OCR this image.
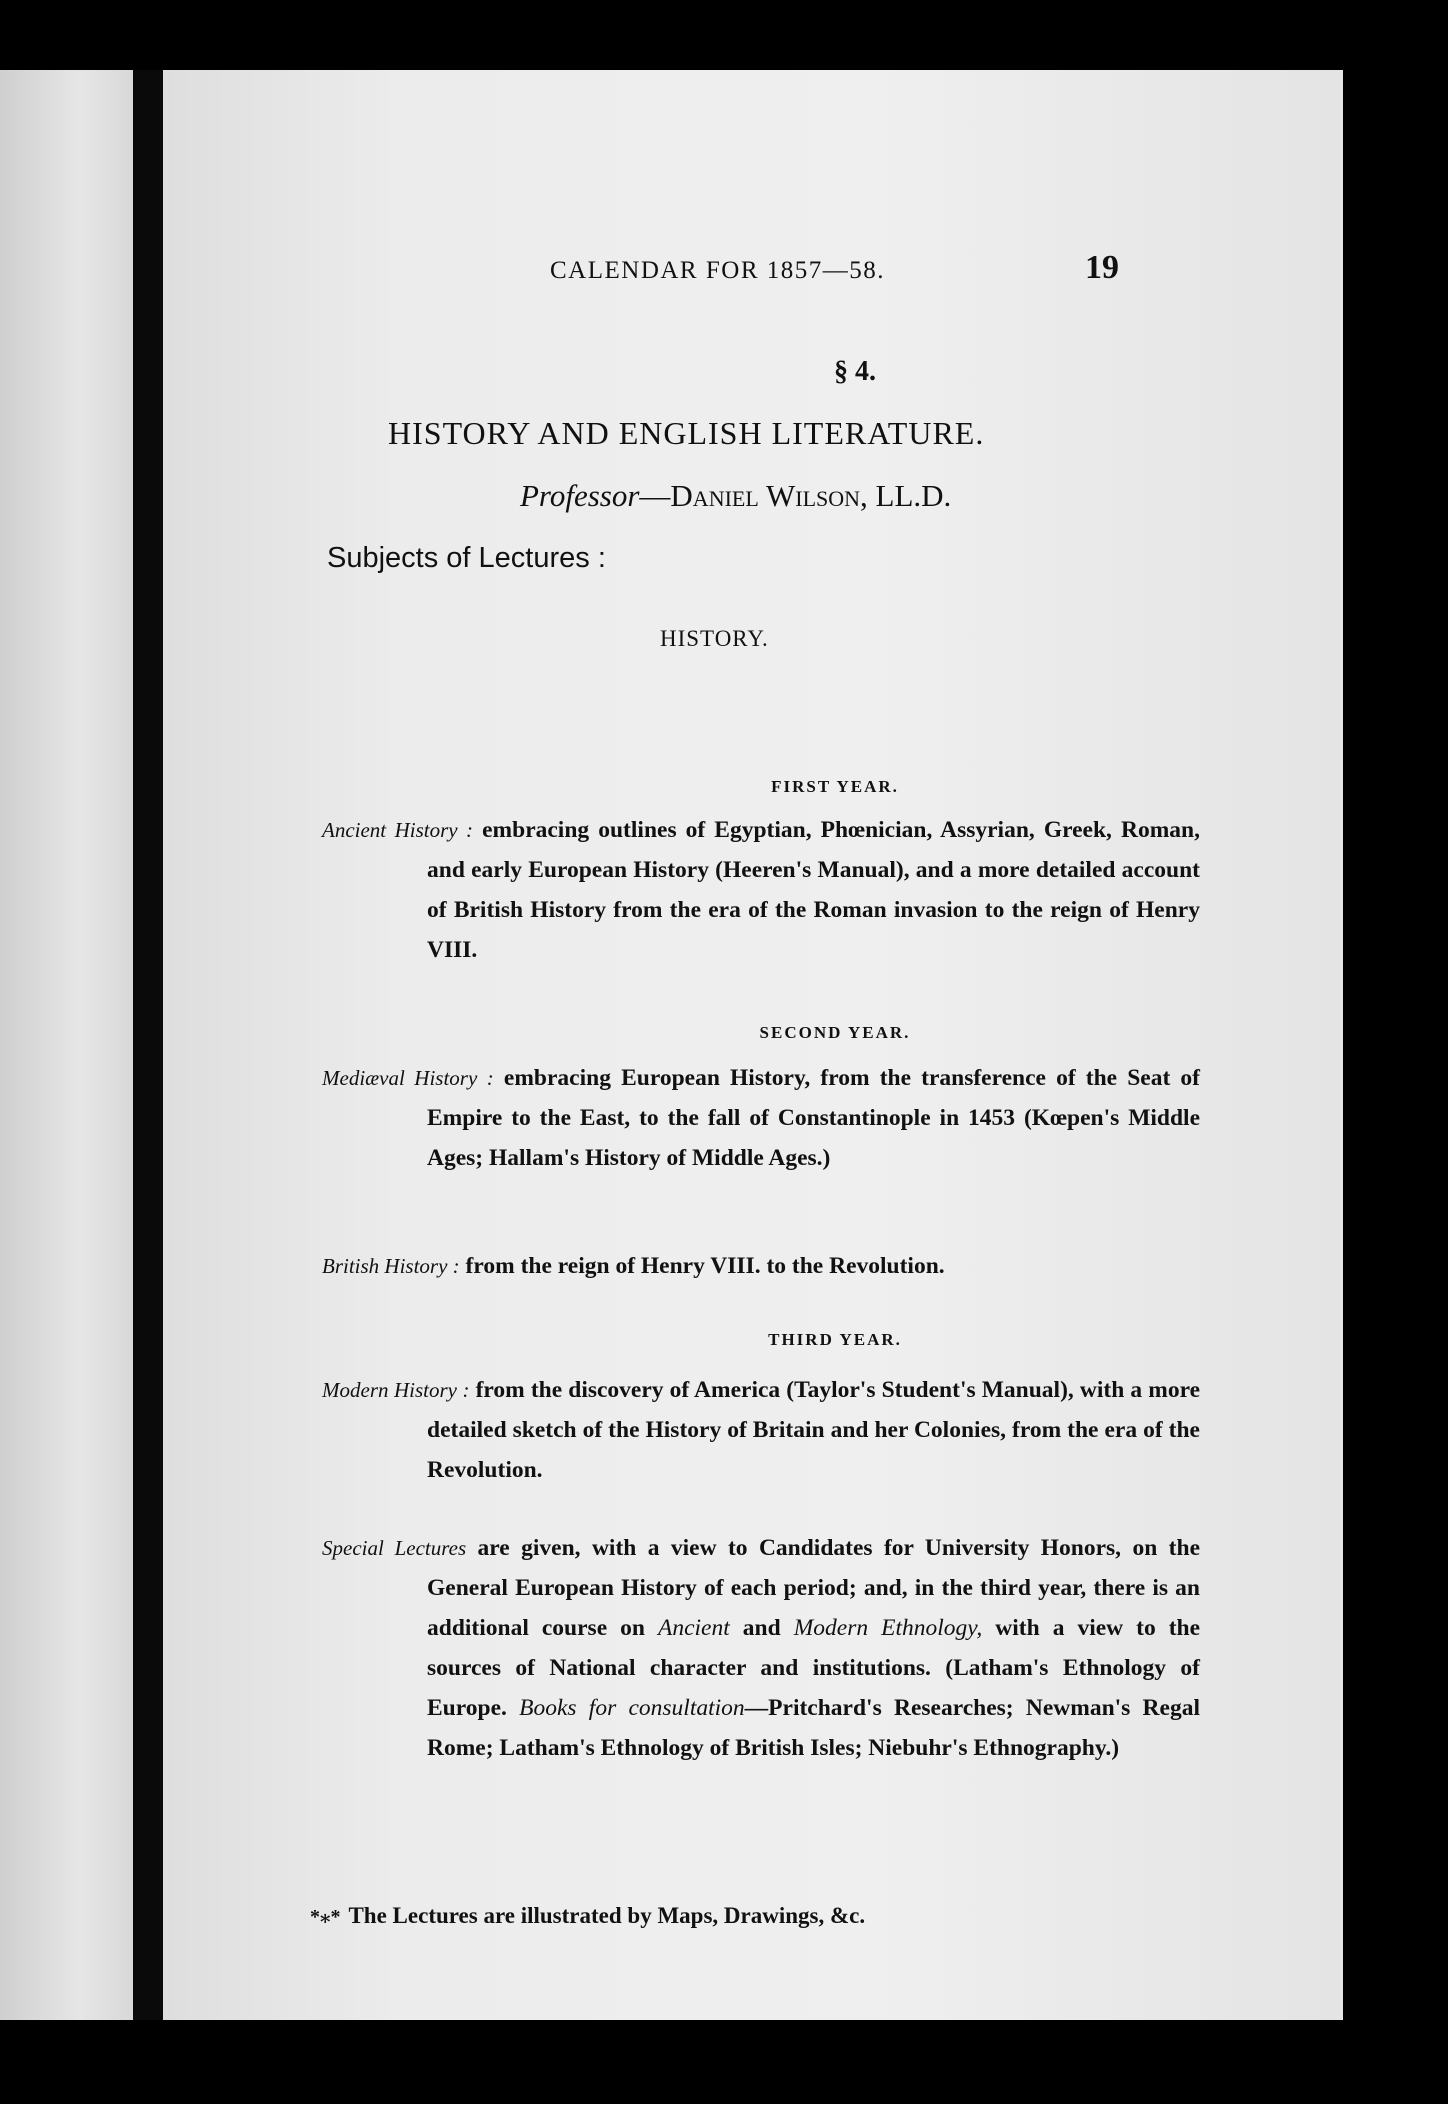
CALENDAR FOR 1857—58.	19
§ 4.
HISTORY AND ENGLISH LITERATURE.
Professor—Daniel Wilson, LL.D.
Subjects of Lectures :
HISTORY.
FIRST YEAR.

Ancient History : embracing outlines of Egyptian, Phœnician, Assyrian, Greek, Roman, and early European History (Heeren's Manual), and a more detailed account of British History from the era of the Roman invasion to the reign of Henry VIII.

SECOND YEAR.

Mediæval History : embracing European History, from the transference of the Seat of Empire to the East, to the fall of Constantinople in 1453 (Kœpen's Middle Ages; Hallam's History of Middle Ages.)

British History : from the reign of Henry VIII. to the Revolution.

THIRD YEAR.

Modern History : from the discovery of America (Taylor's Student's Manual), with a more detailed sketch of the History of Britain and her Colonies, from the era of the Revolution.

Special Lectures are given, with a view to Candidates for University Honors, on the General European History of each period; and, in the third year, there is an additional course on Ancient and Modern Ethnology, with a view to the sources of National character and institutions. (Latham's Ethnology of Europe. Books for consultation—Pritchard's Researches; Newman's Regal Rome; Latham's Ethnology of British Isles; Niebuhr's Ethnography.)

*⁎* The Lectures are illustrated by Maps, Drawings, &c.
